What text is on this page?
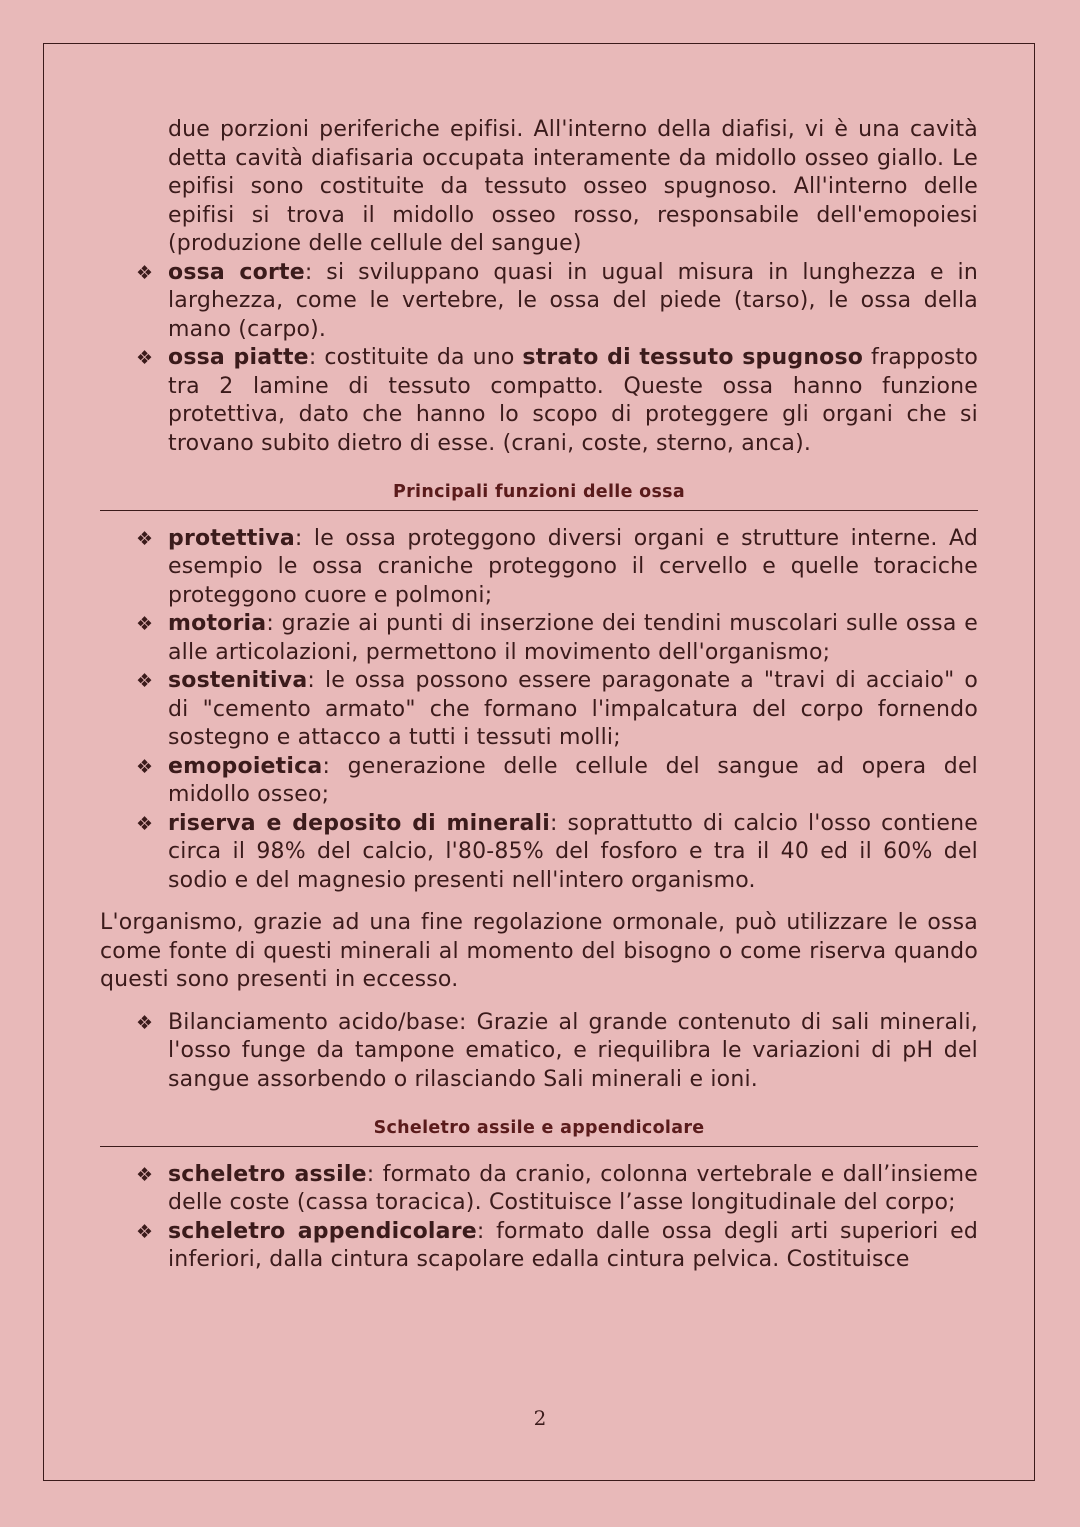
due porzioni periferiche epifisi. All'interno della diafisi, vi è una cavità detta cavità diafisaria occupata interamente da midollo osseo giallo. Le epifisi sono costituite da tessuto osseo spugnoso. All'interno delle epifisi si trova il midollo osseo rosso, responsabile dell'emopoiesi (produzione delle cellule del sangue)
❖ ossa corte: si sviluppano quasi in ugual misura in lunghezza e in larghezza, come le vertebre, le ossa del piede (tarso), le ossa della mano (carpo).
❖ ossa piatte: costituite da uno strato di tessuto spugnoso frapposto tra 2 lamine di tessuto compatto. Queste ossa hanno funzione protettiva, dato che hanno lo scopo di proteggere gli organi che si trovano subito dietro di esse. (crani, coste, sterno, anca).
Principali funzioni delle ossa
❖ protettiva: le ossa proteggono diversi organi e strutture interne. Ad esempio le ossa craniche proteggono il cervello e quelle toraciche proteggono cuore e polmoni;
❖ motoria: grazie ai punti di inserzione dei tendini muscolari sulle ossa e alle articolazioni, permettono il movimento dell'organismo;
❖ sostenitiva: le ossa possono essere paragonate a "travi di acciaio" o di "cemento armato" che formano l'impalcatura del corpo fornendo sostegno e attacco a tutti i tessuti molli;
❖ emopoietica: generazione delle cellule del sangue ad opera del midollo osseo;
❖ riserva e deposito di minerali: soprattutto di calcio l'osso contiene circa il 98% del calcio, l'80-85% del fosforo e tra il 40 ed il 60% del sodio e del magnesio presenti nell'intero organismo.
L'organismo, grazie ad una fine regolazione ormonale, può utilizzare le ossa come fonte di questi minerali al momento del bisogno o come riserva quando questi sono presenti in eccesso.
❖ Bilanciamento acido/base: Grazie al grande contenuto di sali minerali, l'osso funge da tampone ematico, e riequilibra le variazioni di pH del sangue assorbendo o rilasciando Sali minerali e ioni.
Scheletro assile e appendicolare
❖ scheletro assile: formato da cranio, colonna vertebrale e dall’insieme delle coste (cassa toracica). Costituisce l’asse longitudinale del corpo;
❖ scheletro appendicolare: formato dalle ossa degli arti superiori ed inferiori, dalla cintura scapolare edalla cintura pelvica. Costituisce
2
